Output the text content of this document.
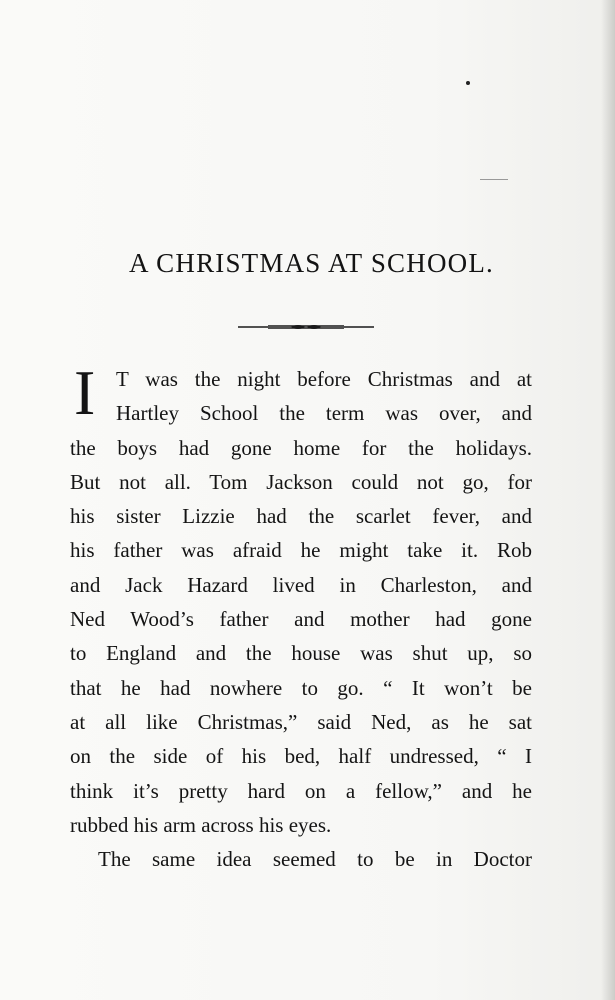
A CHRISTMAS AT SCHOOL.
I T was the night before Christmas and at
Hartley School the term was over, and
the boys had gone home for the holidays.
But not all. Tom Jackson could not go, for
his sister Lizzie had the scarlet fever, and
his father was afraid he might take it. Rob
and Jack Hazard lived in Charleston, and
Ned Wood’s father and mother had gone
to England and the house was shut up, so
that he had nowhere to go. “ It won’t be
at all like Christmas,” said Ned, as he sat
on the side of his bed, half undressed, “ I
think it’s pretty hard on a fellow,” and he
rubbed his arm across his eyes.
The same idea seemed to be in Doctor
